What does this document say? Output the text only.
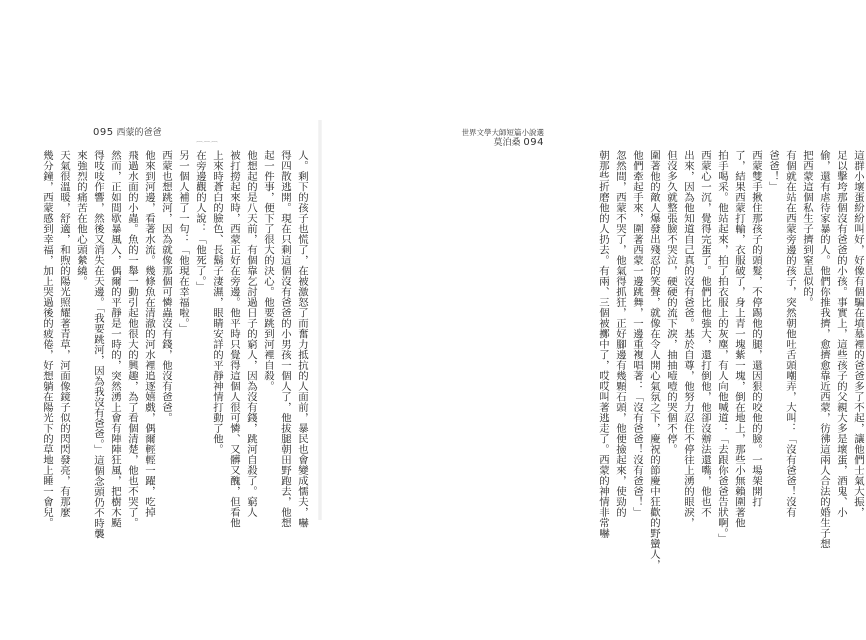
095 西蒙的爸爸
⌒⌒⌒
人。剩下的孩子也慌了，在被激怒了而奮力抵抗的人面前，暴民也會變成懦夫，嚇
得四散逃開。現在只剩這個沒有爸爸的小男孩一個人了，他拔腿朝田野跑去，他想
起一件事，便下了很大的決心。他要跳到河裡自殺。
他想起的是八天前，有個靠乞討過日子的窮人，因為沒有錢，跳河自殺了。窮人
被打撈起來時，西蒙正好在旁邊。他平時只覺得這個人很可憐、又髒又醜，但看他
上來時蒼白的臉色、長鬍子淒濕，眼睛安詳的平靜神情打動了他。
在旁邊觀的人說：「他死了。」
另一個人補了一句：「他現在幸福啦。」
西蒙也想跳河，因為就像那個可憐蟲沒有錢，他沒有爸爸。
他來到河邊，看著水流。幾條魚在清澈的河水裡追逐嬉戲，偶爾輕輕一躍，吃掉
飛過水面的小蟲。魚的一舉一動引起他很大的興趣，為了看個清楚，他也不哭了。
然而，正如間歇暴風入，偶爾的平靜是一時的，突然湧上會有陣陣狂風，把樹木颳
得吱吱作響，然後又消失在天邊。「我要跳河，因為我沒有爸爸。」這個念頭仍不時襲
來強烈的痛苦在他心頭縈繞。
天氣很溫暖，舒適，和煦的陽光照耀著青草，河面像鏡子似的閃閃發亮，有那麼
幾分鐘，西蒙感到幸福，加上哭過後的疲倦，好想躺在陽光下的草地上睡一會兒。
世界文學大師短篇小說選
莫泊桑 094
這群小壞蛋紛紛叫好，好像有個騙在墳墓裡的爸爸多了不起，讓他們士氣大振，
足以擊垮那個沒有爸爸的小孩。事實上，這些孩子的父親大多是壞蛋，酒鬼、小
偷，還有虐待家暴的人。他們你推我擠，愈擠愈靠近西蒙，彷彿這兩人合法的婚生子想
把西蒙這個私生子擠到窒息似的。
有個就在站在西蒙旁邊的孩子，突然朝他吐舌頭嘲弄，大叫：「沒有爸爸！沒有
爸爸！」
西蒙雙手揪住那孩子的頭髮，不停踢他的腿，還因狠的咬他的臉。一場架開打
了，結果西蒙打輸，衣服破了，身上青一塊紫一塊，倒在地上，那些小無賴圍著他
拍手喝采。他站起來，拍了拍衣服上的灰塵，有人向他喊道：「去跟你爸爸告狀啊。」
西蒙心一沉，覺得完蛋了。他們比他強大，還打倒他，他卻沒辦法還嘴，他也不
出來，因為他知道自己真的沒有爸爸。基於自尊，他努力忍住不停往上湧的眼淚，
但沒多久就整張臉不哭泣，硬硬的流下淚，抽抽噎噎的哭個不停。
圍著他的敵人爆發出殘忍的笑聲，就像在令人開心氣氛之下，慶祝的節慶中狂歡的野蠻人，
他們牽起手來，圍著西蒙一邊跳舞，一邊重複唱著：「沒有爸爸！沒有爸爸！」
忽然間，西蒙不哭了，他氣得抓狂，正好腳邊有幾顆石頭，他便撿起來，使勁的
朝那些折磨他的人扔去。有兩、三個被擲中了，哎哎叫著逃走了。西蒙的神情非常嚇
